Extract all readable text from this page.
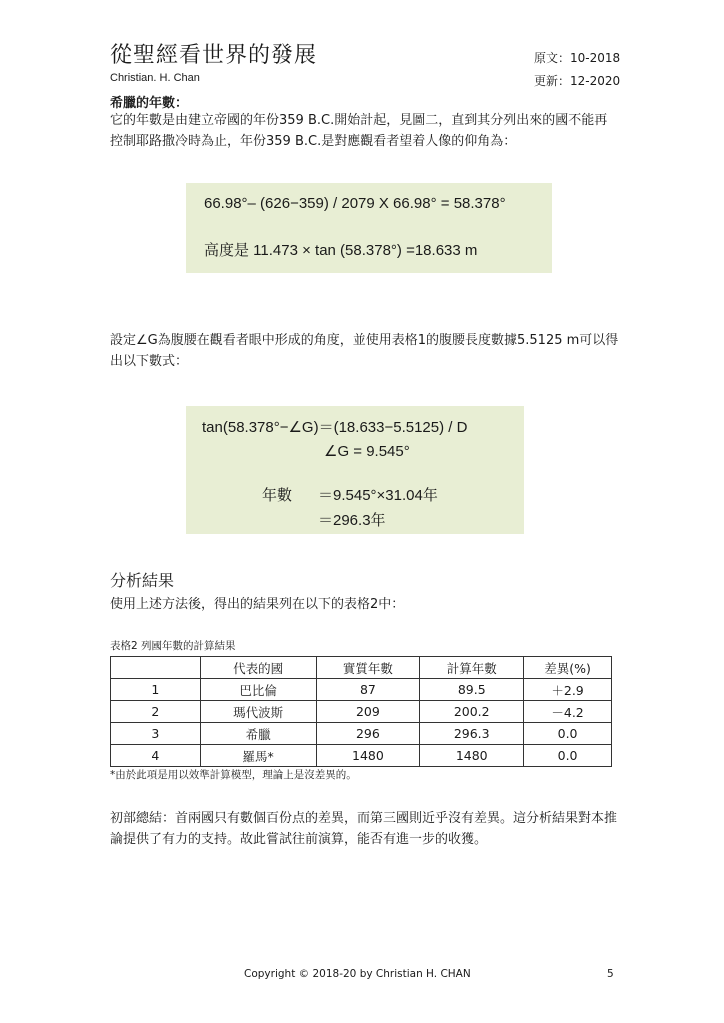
從聖經看世界的發展
Christian. H. Chan
原文：10-2018
更新：12-2020
希臘的年數：
它的年數是由建立帝國的年份359 B.C.開始計起，見圖二，直到其分列出來的國不能再控制耶路撒冷時為止，年份359 B.C.是對應觀看者望着人像的仰角為：
66.98°– (626−359) / 2079 X 66.98° = 58.378°
高度是 11.473 × tan (58.378°) =18.633 m
設定∠G為腹腰在觀看者眼中形成的角度，並使用表格1的腹腰長度數據5.5125 m可以得出以下數式：
tan(58.378°−∠G)＝(18.633−5.5125) / D
∠G = 9.545°
年數 ＝9.545°×31.04年
＝296.3年
分析結果
使用上述方法後，得出的結果列在以下的表格2中：
表格2 列國年數的計算結果
	代表的國	實質年數	計算年數	差異(%)
1	巴比倫	87	89.5	＋2.9
2	瑪代波斯	209	200.2	－4.2
3	希臘	296	296.3	0.0
4	羅馬*	1480	1480	0.0
*由於此項是用以效準計算模型，理論上是沒差異的。
初部總結：首兩國只有數個百份点的差異，而第三國則近乎沒有差異。這分析結果對本推論提供了有力的支持。故此嘗試往前演算，能否有進一步的收獲。
Copyright © 2018-20 by Christian H. CHAN	5
